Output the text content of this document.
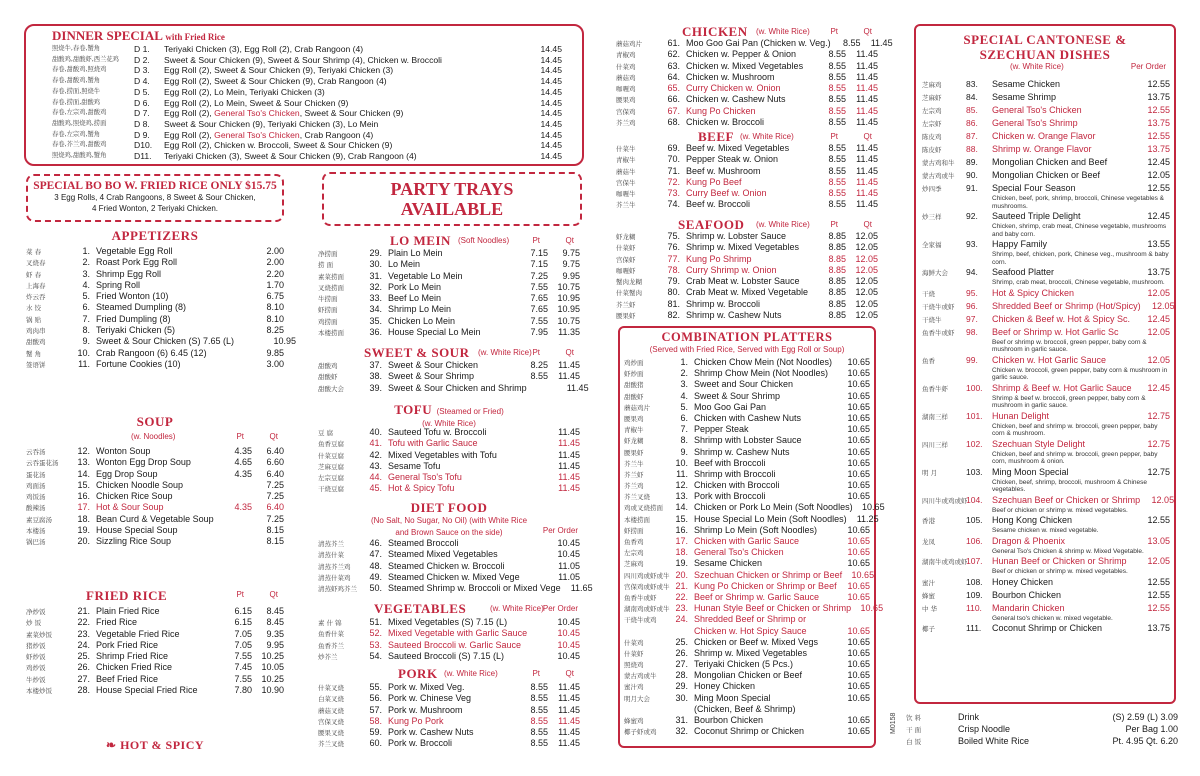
DINNER SPECIAL with Fried Rice
照烧牛,春卷,蟹角	D 1.	Teriyaki Chicken (3), Egg Roll (2), Crab Rangoon (4)	14.45
甜酸鸡,甜酸虾,西兰花鸡	D 2.	Sweet & Sour Chicken (9), Sweet & Sour Shrimp (4), Chicken w. Broccoli	14.45
春卷,甜酸鸡,照烧鸡	D 3.	Egg Roll (2), Sweet & Sour Chicken (9), Teriyaki Chicken (3)	14.45
春卷,甜酸鸡,蟹角	D 4.	Egg Roll (2), Sweet & Sour Chicken (9), Crab Rangoon (4)	14.45
春卷,捞面,照烧牛	D 5.	Egg Roll (2), Lo Mein, Teriyaki Chicken (3)	14.45
春卷,捞面,甜酸鸡	D 6.	Egg Roll (2), Lo Mein, Sweet & Sour Chicken (9)	14.45
春卷,左宗鸡,甜酸鸡	D 7.	Egg Roll (2), General Tso's Chicken, Sweet & Sour Chicken (9)	14.45
甜酸鸡,照烧鸡,捞面	D 8.	Sweet & Sour Chicken (9), Teriyaki Chicken (3), Lo Mein	14.45
春卷,左宗鸡,蟹角	D 9.	Egg Roll (2), General Tso's Chicken, Crab Rangoon (4)	14.45
春卷,芥兰鸡,甜酸鸡	D10.	Egg Roll (2), Chicken w. Broccoli, Sweet & Sour Chicken (9)	14.45
照烧鸡,甜酸鸡,蟹角	D11.	Teriyaki Chicken (3), Sweet & Sour Chicken (9), Crab Rangoon (4)	14.45
SPECIAL BO BO W. FRIED RICE ONLY $15.75
3 Egg Rolls, 4 Crab Rangoons, 8 Sweet & Sour Chicken,
4 Fried Wonton, 2 Teriyaki Chicken.
PARTY TRAYS
AVAILABLE
APPETIZERS
菜 春	1. Vegetable Egg Roll	2.00
叉烧春	2. Roast Pork Egg Roll	2.00
虾 春	3. Shrimp Egg Roll	2.20
上海春	4. Spring Roll	1.70
炸云吞	5. Fried Wonton (10)	6.75
水 饺	6. Steamed Dumpling (8)	8.10
锅 贴	7. Fried Dumpling (8)	8.10
鸡肉串	8. Teriyaki Chicken (5)	8.25
甜酸鸡	9. Sweet & Sour Chicken (S) 7.65 (L)	10.95
蟹 角	10. Crab Rangoon (6) 6.45 (12)	9.85
签语饼	11. Fortune Cookies (10)	3.00
SOUP
(w. Noodles)	Pt	Qt
云吞汤	12. Wonton Soup	4.35	6.40
云吞蛋花汤	13. Wonton Egg Drop Soup	4.65	6.60
蛋花汤	14. Egg Drop Soup	4.35	6.40
鸡面汤	15. Chicken Noodle Soup	7.25
鸡饭汤	16. Chicken Rice Soup	7.25
酸辣汤	17. Hot & Sour Soup	4.35	6.40
素豆腐汤	18. Bean Curd & Vegetable Soup	7.25
本楼汤	19. House Special Soup	8.15
锅巴汤	20. Sizzling Rice Soup	8.15
FRIED RICE	Pt	Qt
净炒饭	21. Plain Fried Rice	6.15	8.45
炒 饭	22. Fried Rice	6.15	8.45
素菜炒饭	23. Vegetable Fried Rice	7.05	9.35
猪炒饭	24. Pork Fried Rice	7.05	9.95
虾炒饭	25. Shrimp Fried Rice	7.55	10.25
鸡炒饭	26. Chicken Fried Rice	7.45	10.05
牛炒饭	27. Beef Fried Rice	7.55	10.25
本楼炒饭	28. House Special Fried Rice	7.80	10.90
❧ HOT & SPICY
LO MEIN (Soft Noodles)	Pt	Qt
净捞面	29. Plain Lo Mein	7.15	9.75
捞 面	30. Lo Mein	7.15	9.75
素菜捞面	31. Vegetable Lo Mein	7.25	9.95
叉烧捞面	32. Pork Lo Mein	7.55	10.75
牛捞面	33. Beef Lo Mein	7.65	10.95
虾捞面	34. Shrimp Lo Mein	7.65	10.95
鸡捞面	35. Chicken Lo Mein	7.55	10.75
本楼捞面	36. House Special Lo Mein	7.95	11.35
SWEET & SOUR (w. White Rice) Pt	Qt
甜酸鸡	37. Sweet & Sour Chicken	8.25	11.45
甜酸虾	38. Sweet & Sour Shrimp	8.55	11.45
甜酸大会	39. Sweet & Sour Chicken and Shrimp	11.45
TOFU (Steamed or Fried)
(w. White Rice)
豆 腐	40. Sauteed Tofu w. Broccoli	11.45
鱼香豆腐	41. Tofu with Garlic Sauce	11.45
什菜豆腐	42. Mixed Vegetables with Tofu	11.45
芝麻豆腐	43. Sesame Tofu	11.45
左宗豆腐	44. General Tso's Tofu	11.45
干烧豆腐	45. Hot & Spicy Tofu	11.45
DIET FOOD
(No Salt, No Sugar, No Oil) (with White Rice
and Brown Sauce on the side)	Per Order
清蒸芥兰	46. Steamed Broccoli	10.45
清蒸什菜	47. Steamed Mixed Vegetables	10.45
清蒸芥兰鸡	48. Steamed Chicken w. Broccoli	11.05
清蒸什菜鸡	49. Steamed Chicken w. Mixed Vege	11.05
清蒸虾鸡芥兰	50. Steamed Shrimp w. Broccoli or Mixed Vege	11.65
VEGETABLES	(w. White Rice) Per Order
素 什 锦	51. Mixed Vegetables (S) 7.15 (L)	10.45
鱼香什菜	52. Mixed Vegetable with Garlic Sauce	10.45
鱼香芥兰	53. Sauteed Broccoli w. Garlic Sauce	10.45
炒芥兰	54. Sauteed Broccoli (S) 7.15 (L)	10.45
PORK (w. White Rice)	Pt	Qt
什菜叉烧	55. Pork w. Mixed Veg.	8.55	11.45
白菜叉烧	56. Pork w. Chinese Veg	8.55	11.45
蘑菇叉烧	57. Pork w. Mushroom	8.55	11.45
宫保叉烧	58. Kung Po Pork	8.55	11.45
腰果叉烧	59. Pork w. Cashew Nuts	8.55	11.45
芥兰叉烧	60. Pork w. Broccoli	8.55	11.45
CHICKEN (w. White Rice)	Pt	Qt
蘑菇鸡片	61. Moo Goo Gai Pan (Chicken w. Veg.)	8.55	11.45
青椒鸡	62. Chicken w. Pepper & Onion	8.55	11.45
什菜鸡	63. Chicken w. Mixed Vegetables	8.55	11.45
蘑菇鸡	64. Chicken w. Mushroom	8.55	11.45
咖喱鸡	65. Curry Chicken w. Onion	8.55	11.45
腰果鸡	66. Chicken w. Cashew Nuts	8.55	11.45
宫保鸡	67. Kung Po Chicken	8.55	11.45
芥兰鸡	68. Chicken w. Broccoli	8.55	11.45
BEEF (w. White Rice)	Pt	Qt
什菜牛	69. Beef w. Mixed Vegetables	8.55	11.45
青椒牛	70. Pepper Steak w. Onion	8.55	11.45
蘑菇牛	71. Beef w. Mushroom	8.55	11.45
宫保牛	72. Kung Po Beef	8.55	11.45
咖喱牛	73. Curry Beef w. Onion	8.55	11.45
芥兰牛	74. Beef w. Broccoli	8.55	11.45
SEAFOOD (w. White Rice)	Pt	Qt
虾龙糊	75. Shrimp w. Lobster Sauce	8.85	12.05
什菜虾	76. Shrimp w. Mixed Vegetables	8.85	12.05
宫保虾	77. Kung Po Shrimp	8.85	12.05
咖喱虾	78. Curry Shrimp w. Onion	8.85	12.05
蟹肉龙糊	79. Crab Meat w. Lobster Sauce	8.85	12.05
什菜蟹肉	80. Crab Meat w. Mixed Vegetable	8.85	12.05
芥兰虾	81. Shrimp w. Broccoli	8.85	12.05
腰果虾	82. Shrimp w. Cashew Nuts	8.85	12.05
COMBINATION PLATTERS
(Served with Fried Rice, Served with Egg Roll or Soup)
鸡炒面	1. Chicken Chow Mein (Not Noodles)	10.65
虾炒面	2. Shrimp Chow Mein (Not Noodles)	10.65
甜酸猪	3. Sweet and Sour Chicken	10.65
甜酸虾	4. Sweet & Sour Shrimp	10.65
蘑菇鸡片	5. Moo Goo Gai Pan	10.65
腰果鸡	6. Chicken with Cashew Nuts	10.65
青椒牛	7. Pepper Steak	10.65
虾龙糊	8. Shrimp with Lobster Sauce	10.65
腰果虾	9. Shrimp w. Cashew Nuts	10.65
芥兰牛	10. Beef with Broccoli	10.65
芥兰虾	11. Shrimp with Broccoli	10.65
芥兰鸡	12. Chicken with Broccoli	10.65
芥兰叉烧	13. Pork with Broccoli	10.65
鸡或叉烧捞面	14. Chicken or Pork Lo Mein (Soft Noodles)	10.65
本楼捞面	15. House Special Lo Mein (Soft Noodles)	11.25
虾捞面	16. Shrimp Lo Mein (Soft Noodles)	10.65
鱼香鸡	17. Chicken with Garlic Sauce	10.65
左宗鸡	18. General Tso's Chicken	10.65
芝麻鸡	19. Sesame Chicken	10.65
四川鸡或虾或牛 20. Szechuan Chicken or Shrimp or Beef	10.65
宫保鸡或虾或牛 21. Kung Po Chicken or Shrimp or Beef	10.65
鱼香牛或虾	22. Beef or Shrimp w. Garlic Sauce	10.65
湖南鸡或虾或牛 23. Hunan Style Beef or Chicken or Shrimp	10.65
干烧牛或鸡	24. Shredded Beef or Shrimp or
Chicken w. Hot Spicy Sauce	10.65
什菜鸡	25. Chicken or Beef w. Mixed Vegs	10.65
什菜虾	26. Shrimp w. Mixed Vegetables	10.65
照烧鸡	27. Teriyaki Chicken (5 Pcs.)	10.65
蒙古鸡或牛	28. Mongolian Chicken or Beef	10.65
蜜汁鸡	29. Honey Chicken	10.65
明月大会	30. Ming Moon Special	10.65
(Chicken, Beef & Shrimp)
蜂蜜鸡	31. Bourbon Chicken	10.65
椰子虾或鸡	32. Coconut Shrimp or Chicken	10.65
SPECIAL CANTONESE &
SZECHUAN DISHES
(w. White Rice)	Per Order
芝麻鸡	83.	Sesame Chicken	12.55
芝麻虾	84.	Sesame Shrimp	13.75
左宗鸡	85.	General Tso's Chicken	12.55
左宗虾	86.	General Tso's Shrimp	13.75
陈皮鸡	87.	Chicken w. Orange Flavor	12.55
陈皮虾	88.	Shrimp w. Orange Flavor	13.75
蒙古鸡和牛	89.	Mongolian Chicken and Beef	12.45
蒙古鸡或牛	90.	Mongolian Chicken or Beef	12.05
炒四季	91.	Special Four Season	12.55
Chicken, beef, pork, shrimp, broccoli, Chinese vegetables & mushrooms.
炒三样	92.	Sauteed Triple Delight	12.45
Chicken, shrimp, crab meat, Chinese vegetable, mushrooms and baby corn.
全家福	93.	Happy Family	13.55
Shrimp, beef, chicken, pork, Chinese veg., mushroom & baby corn.
海鲜大会	94.	Seafood Platter	13.75
Shrimp, crab meat, broccoli, Chinese vegetable, mushroom.
干烧	95.	Hot & Spicy Chicken	12.05
干烧牛或虾	96.	Shredded Beef or Shrimp (Hot/Spicy)	12.05
干烧牛	97.	Chicken & Beef w. Hot & Spicy Sc.	12.45
鱼香牛或虾	98.	Beef or Shrimp w. Hot Garlic Sc	12.05
Beef or shrimp w. broccoli, green pepper, baby corn & mushroom in garlic sauce.
鱼香	99.	Chicken w. Hot Garlic Sauce	12.05
Chicken w. broccoli, green pepper, baby corn & mushroom in garlic sauce.
鱼香牛虾	100.	Shrimp & Beef w. Hot Garlic Sauce	12.45
Shrimp & beef w. broccoli, green pepper, baby corn & mushroom in garlic sauce.
湖南三样	101.	Hunan Delight	12.75
Chicken, beef and shrimp w. broccoli, green pepper, baby corn & mushroom.
四川三样	102.	Szechuan Style Delight	12.75
Chicken, beef and shrimp w. broccoli, green pepper, baby corn, mushroom & onion.
明 月	103.	Ming Moon Special	12.75
Chicken, beef, shrimp, broccoli, mushroom & Chinese vegetables.
四川牛或鸡或虾
104.	Szechuan Beef or Chicken or Shrimp	12.05
Beef or chicken or shrimp w. mixed vegetables.
香港	105.	Hong Kong Chicken	12.55
Sesame chicken w. mixed vegetable.
龙凤	106.	Dragon & Phoenix	13.05
General Tso's Chicken & shrimp w. Mixed Vegetable.
湖南牛或鸡或虾
107.	Hunan Beef or Chicken or Shrimp	12.05
Beef or chicken or shrimp w. mixed vegetables.
蜜汁	108.	Honey Chicken	12.55
蜂蜜	109.	Bourbon Chicken	12.55
中 华	110.	Mandarin Chicken	12.55
General tso's chicken w. mixed vegetable.
椰子	111.	Coconut Shrimp or Chicken	13.75
饮 料	Drink	(S) 2.59 (L) 3.09
干 面	Crisp Noodle	Per Bag 1.00
白 饭	Boiled White Rice	Pt. 4.95 Qt. 6.20
M0158
